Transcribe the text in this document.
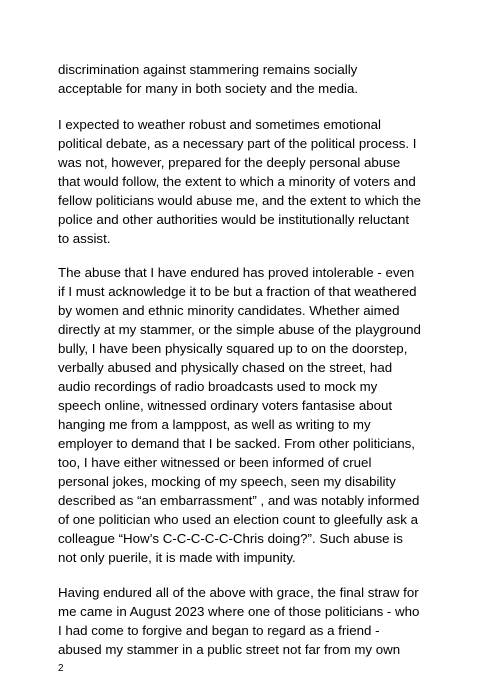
discrimination against stammering remains socially
acceptable for many in both society and the media.
I expected to weather robust and sometimes emotional
political debate, as a necessary part of the political process. I
was not, however, prepared for the deeply personal abuse
that would follow, the extent to which a minority of voters and
fellow politicians would abuse me, and the extent to which the
police and other authorities would be institutionally reluctant
to assist.
The abuse that I have endured has proved intolerable - even
if I must acknowledge it to be but a fraction of that weathered
by women and ethnic minority candidates. Whether aimed
directly at my stammer, or the simple abuse of the playground
bully, I have been physically squared up to on the doorstep,
verbally abused and physically chased on the street, had
audio recordings of radio broadcasts used to mock my
speech online, witnessed ordinary voters fantasise about
hanging me from a lamppost, as well as writing to my
employer to demand that I be sacked. From other politicians,
too, I have either witnessed or been informed of cruel
personal jokes, mocking of my speech, seen my disability
described as “an embarrassment” , and was notably informed
of one politician who used an election count to gleefully ask a
colleague “How’s C-C-C-C-C-Chris doing?”. Such abuse is
not only puerile, it is made with impunity.
Having endured all of the above with grace, the final straw for
me came in August 2023 where one of those politicians - who
I had come to forgive and began to regard as a friend -
abused my stammer in a public street not far from my own
2
